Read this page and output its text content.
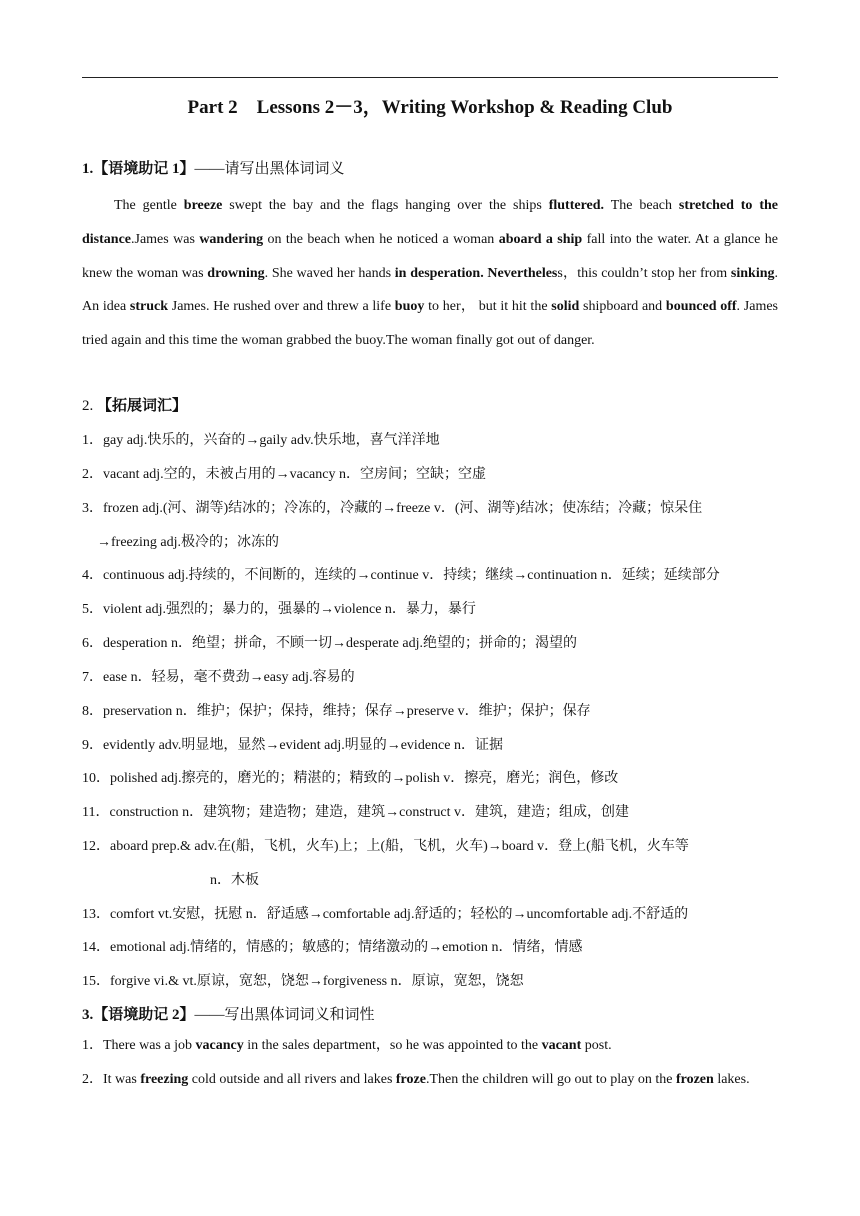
Part 2　Lessons 2－3，Writing Workshop & Reading Club
1.【语境助记 1】——请写出黑体词词义
The gentle breeze swept the bay and the flags hanging over the ships fluttered. The beach stretched to the distance.James was wandering on the beach when he noticed a woman aboard a ship fall into the water. At a glance he knew the woman was drowning. She waved her hands in desperation. Nevertheless，this couldn’t stop her from sinking. An idea struck James. He rushed over and threw a life buoy to her， but it hit the solid shipboard and bounced off. James tried again and this time the woman grabbed the buoy.The woman finally got out of danger.
2. 【拓展词汇】
1．gay adj.快乐的，兴奋的→gaily adv.快乐地，喜气洋洋地
2．vacant adj.空的，未被占用的→vacancy n．空房间；空缺；空虚
3．frozen adj.(河、湖等)结冰的；冷冻的，冷藏的→freeze v．(河、湖等)结冰；使冻结；冷藏；惊呆住
→freezing adj.极冷的；冰冻的
4．continuous adj.持续的，不间断的，连续的→continue v．持续；继续→continuation n．延续；延续部分
5．violent adj.强烈的；暴力的，强暴的→violence n．暴力，暴行
6．desperation n．绝望；拼命，不顾一切→desperate adj.绝望的；拼命的；渴望的
7．ease n．轻易，毫不费劲→easy adj.容易的
8．preservation n．维护；保护；保持，维持；保存→preserve v．维护；保护；保存
9．evidently adv.明显地，显然→evident adj.明显的→evidence n．证据
10．polished adj.擦亮的，磨光的；精湛的；精致的→polish v．擦亮，磨光；润色，修改
11．construction n．建筑物；建造物；建造，建筑→construct v．建筑，建造；组成，创建
12．aboard prep.& adv.在(船，飞机，火车)上；上(船，飞机，火车)→board v．登上(船飞机，火车等
n．木板
13．comfort vt.安慰，抚慰 n．舒适感→comfortable adj.舒适的；轻松的→uncomfortable adj.不舒适的
14．emotional adj.情绪的，情感的；敏感的；情绪激动的→emotion n．情绪，情感
15．forgive vi.& vt.原谅，宽恕，饶恕→forgiveness n．原谅，宽恕，饶恕
3.【语境助记 2】——写出黑体词词义和词性
1．There was a job vacancy in the sales department，so he was appointed to the vacant post.
2．It was freezing cold outside and all rivers and lakes froze.Then the children will go out to play on the frozen lakes.
